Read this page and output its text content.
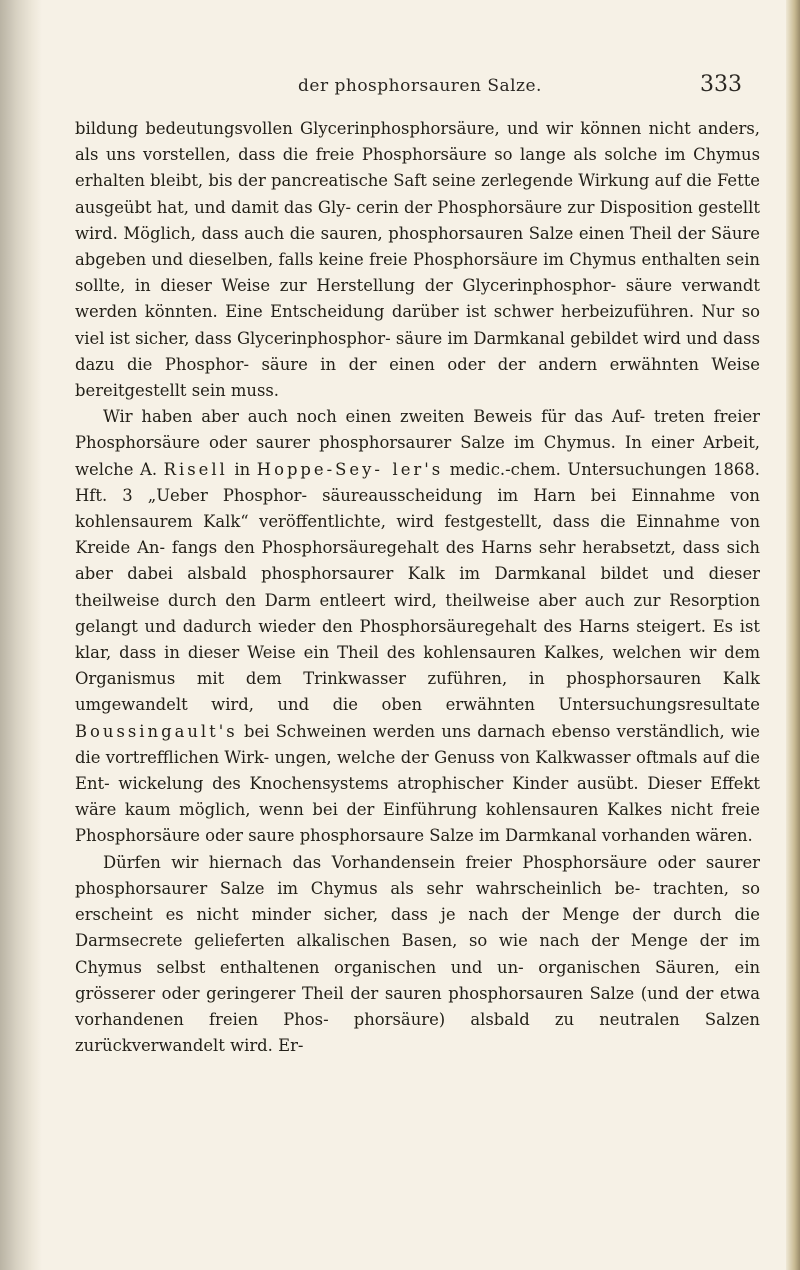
der phosphorsauren Salze.	333

bildung bedeutungsvollen Glycerinphosphorsäure, und wir können nicht anders, als uns vorstellen, dass die freie Phosphorsäure so lange als solche im Chymus erhalten bleibt, bis der pancreatische Saft seine zerlegende Wirkung auf die Fette ausgeübt hat, und damit das Gly- cerin der Phosphorsäure zur Disposition gestellt wird. Möglich, dass auch die sauren, phosphorsauren Salze einen Theil der Säure abgeben und dieselben, falls keine freie Phosphorsäure im Chymus enthalten sein sollte, in dieser Weise zur Herstellung der Glycerinphosphor- säure verwandt werden könnten. Eine Entscheidung darüber ist schwer herbeizuführen. Nur so viel ist sicher, dass Glycerinphosphor- säure im Darmkanal gebildet wird und dass dazu die Phosphor- säure in der einen oder der andern erwähnten Weise bereitgestellt sein muss.

Wir haben aber auch noch einen zweiten Beweis für das Auf- treten freier Phosphorsäure oder saurer phosphorsaurer Salze im Chymus. In einer Arbeit, welche A. Risell in Hoppe-Sey- ler's medic.-chem. Untersuchungen 1868. Hft. 3 „Ueber Phosphor- säureausscheidung im Harn bei Einnahme von kohlensaurem Kalk“ veröffentlichte, wird festgestellt, dass die Einnahme von Kreide An- fangs den Phosphorsäuregehalt des Harns sehr herabsetzt, dass sich aber dabei alsbald phosphorsaurer Kalk im Darmkanal bildet und dieser theilweise durch den Darm entleert wird, theilweise aber auch zur Resorption gelangt und dadurch wieder den Phosphorsäuregehalt des Harns steigert. Es ist klar, dass in dieser Weise ein Theil des kohlensauren Kalkes, welchen wir dem Organismus mit dem Trinkwasser zuführen, in phosphorsauren Kalk umgewandelt wird, und die oben erwähnten Untersuchungsresultate Boussingault's bei Schweinen werden uns darnach ebenso verständlich, wie die vortrefflichen Wirk- ungen, welche der Genuss von Kalkwasser oftmals auf die Ent- wickelung des Knochensystems atrophischer Kinder ausübt. Dieser Effekt wäre kaum möglich, wenn bei der Einführung kohlensauren Kalkes nicht freie Phosphorsäure oder saure phosphorsaure Salze im Darmkanal vorhanden wären.

Dürfen wir hiernach das Vorhandensein freier Phosphorsäure oder saurer phosphorsaurer Salze im Chymus als sehr wahrscheinlich be- trachten, so erscheint es nicht minder sicher, dass je nach der Menge der durch die Darmsecrete gelieferten alkalischen Basen, so wie nach der Menge der im Chymus selbst enthaltenen organischen und un- organischen Säuren, ein grösserer oder geringerer Theil der sauren phosphorsauren Salze (und der etwa vorhandenen freien Phos- phorsäure) alsbald zu neutralen Salzen zurückverwandelt wird. Er-
